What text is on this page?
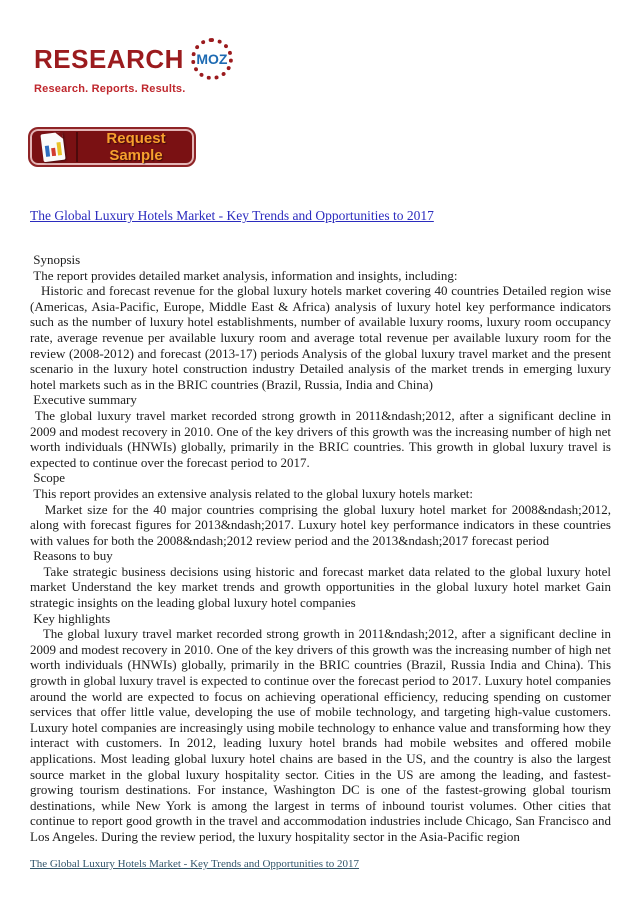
RESEARCH MOZ
Research. Reports. Results.
Request Sample
The Global Luxury Hotels Market - Key Trends and Opportunities to 2017
Synopsis
The report provides detailed market analysis, information and insights, including:
Historic and forecast revenue for the global luxury hotels market covering 40 countries Detailed region wise (Americas, Asia-Pacific, Europe, Middle East & Africa) analysis of luxury hotel key performance indicators such as the number of luxury hotel establishments, number of available luxury rooms, luxury room occupancy rate, average revenue per available luxury room and average total revenue per available luxury room for the review (2008-2012) and forecast (2013-17) periods Analysis of the global luxury travel market and the present scenario in the luxury hotel construction industry Detailed analysis of the market trends in emerging luxury hotel markets such as in the BRIC countries (Brazil, Russia, India and China)
Executive summary
The global luxury travel market recorded strong growth in 2011&ndash;2012, after a significant decline in 2009 and modest recovery in 2010. One of the key drivers of this growth was the increasing number of high net worth individuals (HNWIs) globally, primarily in the BRIC countries. This growth in global luxury travel is expected to continue over the forecast period to 2017.
Scope
This report provides an extensive analysis related to the global luxury hotels market:
Market size for the 40 major countries comprising the global luxury hotel market for 2008&ndash;2012, along with forecast figures for 2013&ndash;2017. Luxury hotel key performance indicators in these countries with values for both the 2008&ndash;2012 review period and the 2013&ndash;2017 forecast period
Reasons to buy
Take strategic business decisions using historic and forecast market data related to the global luxury hotel market Understand the key market trends and growth opportunities in the global luxury hotel market Gain strategic insights on the leading global luxury hotel companies
Key highlights
The global luxury travel market recorded strong growth in 2011&ndash;2012, after a significant decline in 2009 and modest recovery in 2010. One of the key drivers of this growth was the increasing number of high net worth individuals (HNWIs) globally, primarily in the BRIC countries (Brazil, Russia India and China). This growth in global luxury travel is expected to continue over the forecast period to 2017. Luxury hotel companies around the world are expected to focus on achieving operational efficiency, reducing spending on customer services that offer little value, developing the use of mobile technology, and targeting high-value customers. Luxury hotel companies are increasingly using mobile technology to enhance value and transforming how they interact with customers. In 2012, leading luxury hotel brands had mobile websites and offered mobile applications. Most leading global luxury hotel chains are based in the US, and the country is also the largest source market in the global luxury hospitality sector. Cities in the US are among the leading, and fastest-growing tourism destinations. For instance, Washington DC is one of the fastest-growing global tourism destinations, while New York is among the largest in terms of inbound tourist volumes. Other cities that continue to report good growth in the travel and accommodation industries include Chicago, San Francisco and Los Angeles. During the review period, the luxury hospitality sector in the Asia-Pacific region
The Global Luxury Hotels Market - Key Trends and Opportunities to 2017
